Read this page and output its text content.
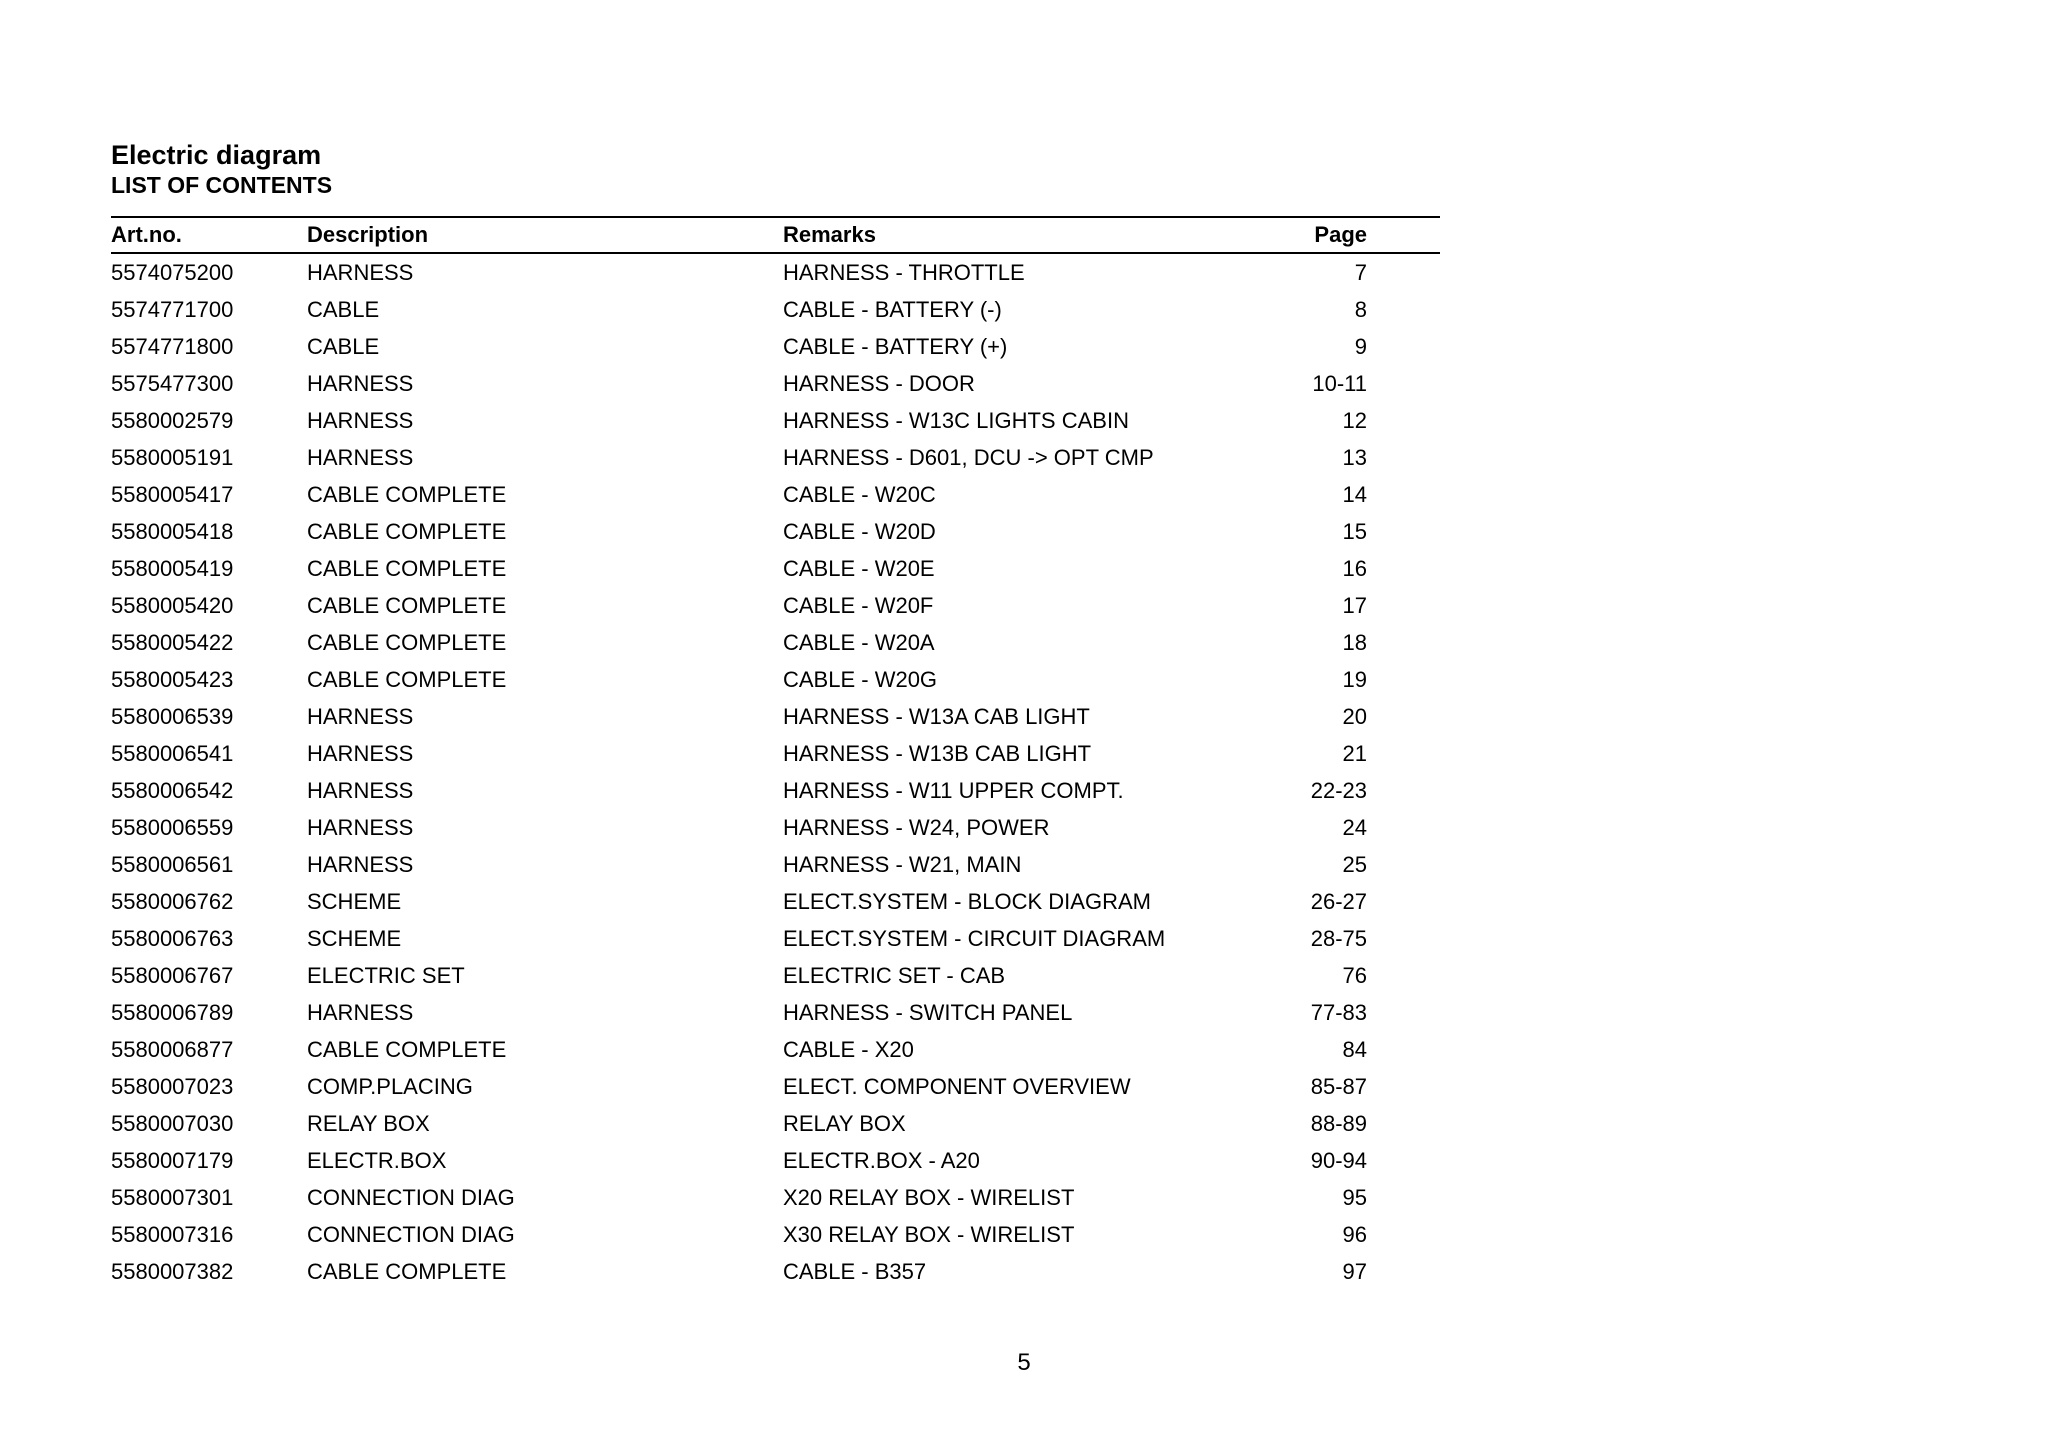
Electric diagram
LIST OF CONTENTS
Art.no.	Description	Remarks	Page
5574075200	HARNESS	HARNESS - THROTTLE	7
5574771700	CABLE	CABLE - BATTERY (-)	8
5574771800	CABLE	CABLE - BATTERY (+)	9
5575477300	HARNESS	HARNESS - DOOR	10-11
5580002579	HARNESS	HARNESS - W13C LIGHTS CABIN	12
5580005191	HARNESS	HARNESS - D601, DCU -> OPT CMP	13
5580005417	CABLE COMPLETE	CABLE - W20C	14
5580005418	CABLE COMPLETE	CABLE - W20D	15
5580005419	CABLE COMPLETE	CABLE - W20E	16
5580005420	CABLE COMPLETE	CABLE - W20F	17
5580005422	CABLE COMPLETE	CABLE - W20A	18
5580005423	CABLE COMPLETE	CABLE - W20G	19
5580006539	HARNESS	HARNESS - W13A CAB LIGHT	20
5580006541	HARNESS	HARNESS - W13B CAB LIGHT	21
5580006542	HARNESS	HARNESS - W11 UPPER COMPT.	22-23
5580006559	HARNESS	HARNESS - W24, POWER	24
5580006561	HARNESS	HARNESS - W21, MAIN	25
5580006762	SCHEME	ELECT.SYSTEM - BLOCK DIAGRAM	26-27
5580006763	SCHEME	ELECT.SYSTEM - CIRCUIT DIAGRAM	28-75
5580006767	ELECTRIC SET	ELECTRIC SET - CAB	76
5580006789	HARNESS	HARNESS - SWITCH PANEL	77-83
5580006877	CABLE COMPLETE	CABLE - X20	84
5580007023	COMP.PLACING	ELECT. COMPONENT OVERVIEW	85-87
5580007030	RELAY BOX	RELAY BOX	88-89
5580007179	ELECTR.BOX	ELECTR.BOX - A20	90-94
5580007301	CONNECTION DIAG	X20 RELAY BOX - WIRELIST	95
5580007316	CONNECTION DIAG	X30 RELAY BOX - WIRELIST	96
5580007382	CABLE COMPLETE	CABLE - B357	97
5
